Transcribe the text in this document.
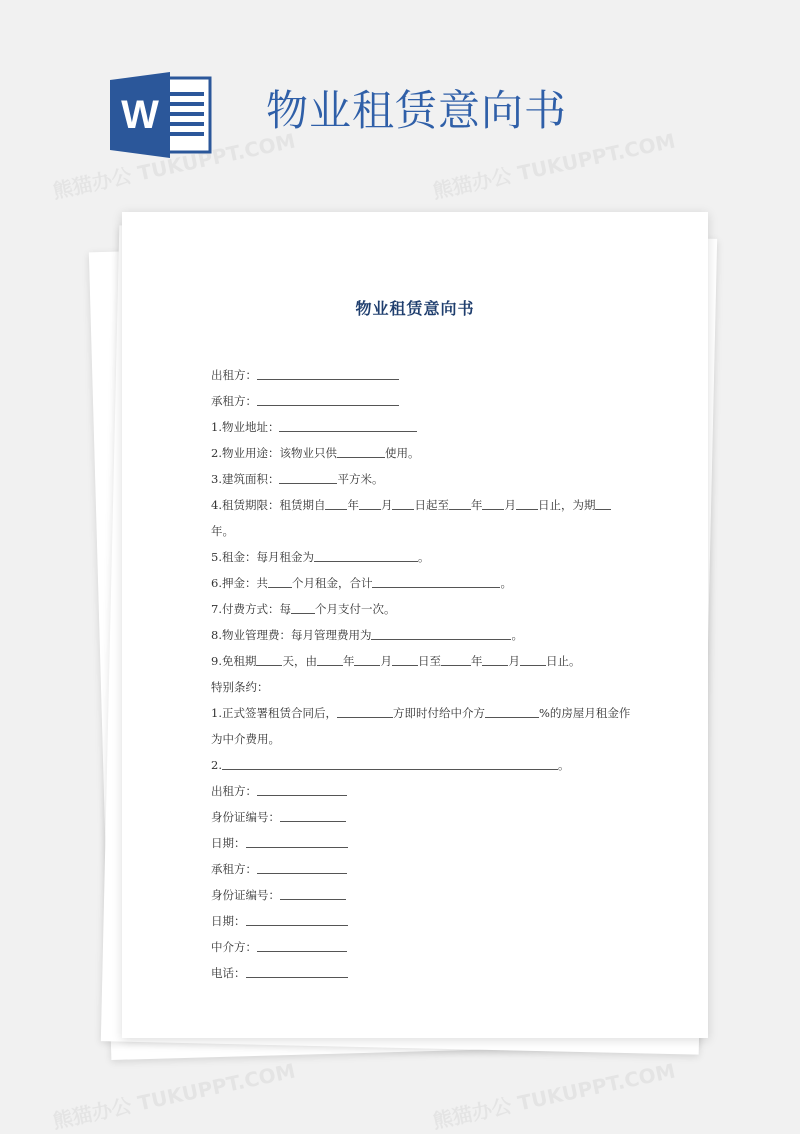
熊猫办公 TUKUPPT.COM	熊猫办公 TUKUPPT.COM
熊猫办公 TUKUPPT.COM	熊猫办公 TUKUPPT.COM
W	物业租赁意向书
物业租赁意向书
出租方：
承租方：
1.物业地址：
2.物业用途：该物业只供	使用。
3.建筑面积：	平方米。
4.租赁期限：租赁期自 年 月 日起至 年 月 日止，为期年。
5.租金：每月租金为	。
6.押金：共 个月租金，合计	。
7.付费方式：每 个月支付一次。
8.物业管理费：每月管理费用为	。
9.免租期 天，由 年 月 日至	年 月 日止。
特别条约：
1.正式签署租赁合同后，	方即时付给中介方	%的房屋月租金作为中介费用。
2.	。
出租方：
身份证编号：
日期：
承租方：
身份证编号：
日期：
中介方：
电话：
